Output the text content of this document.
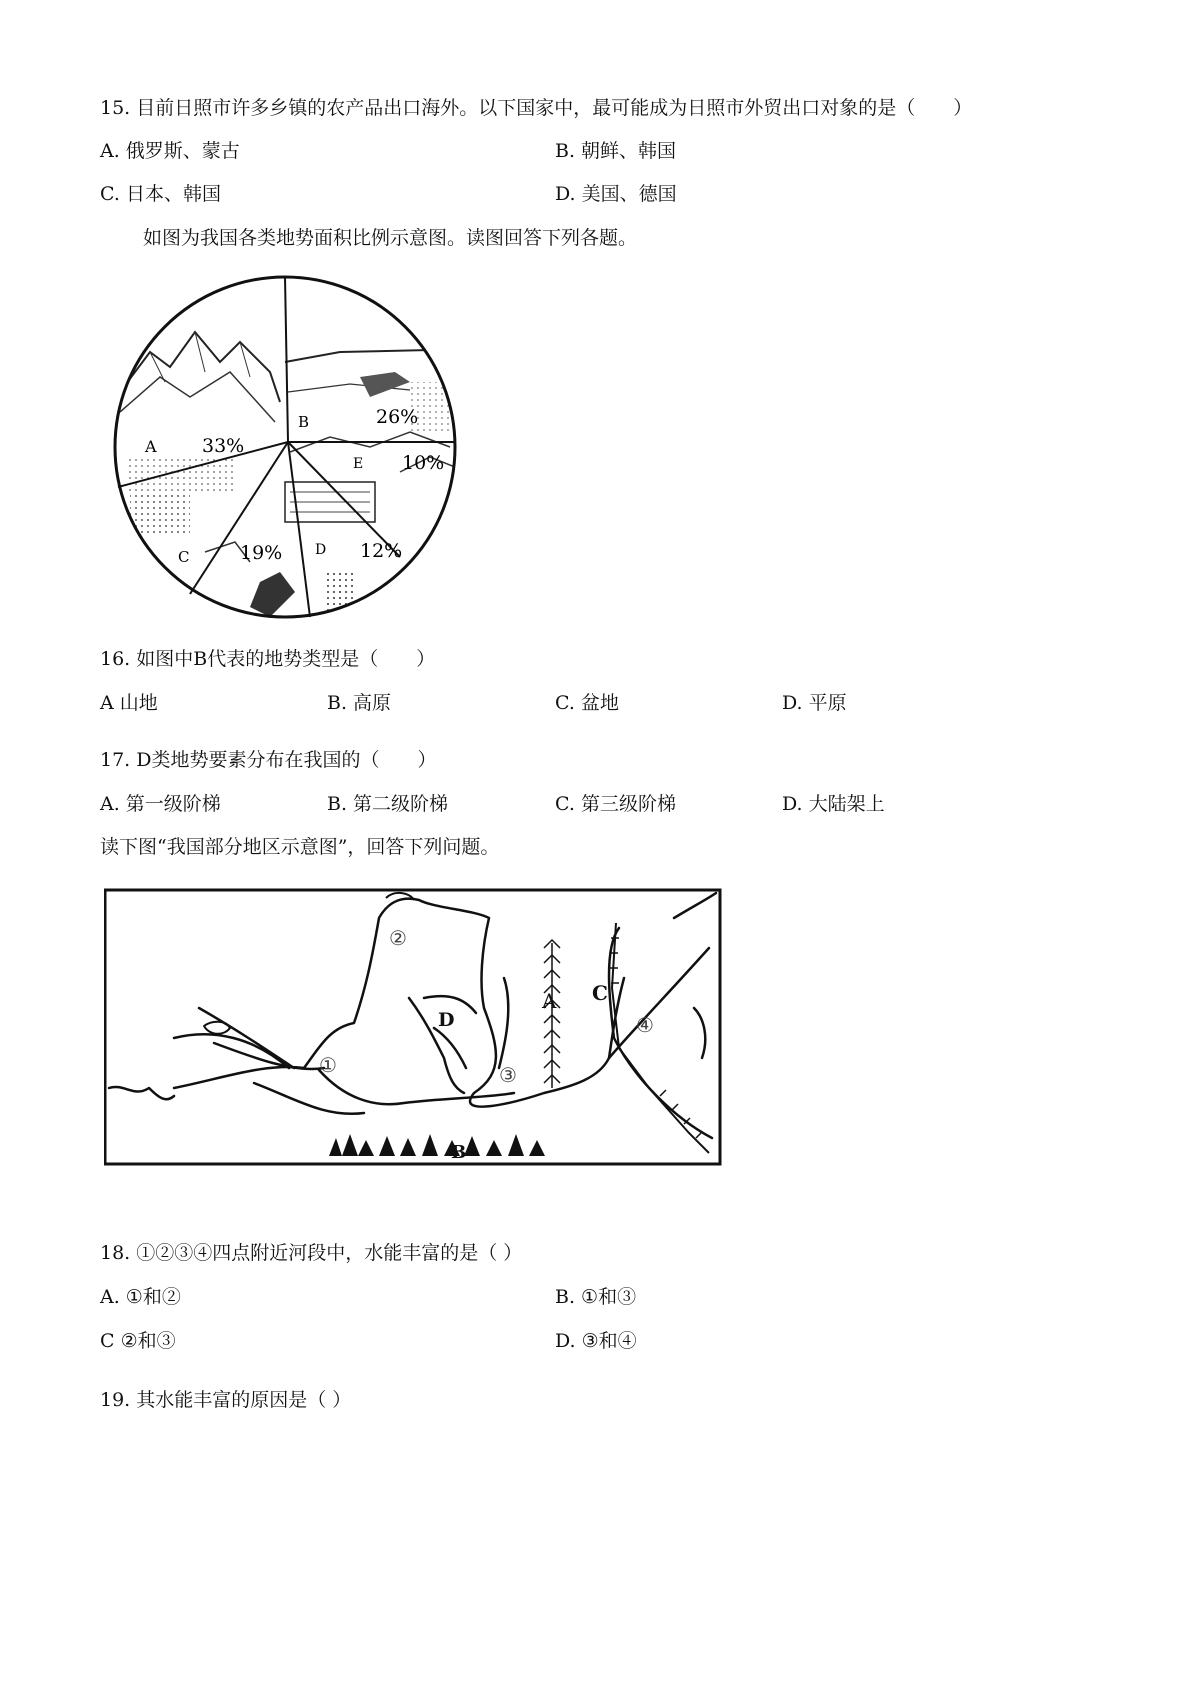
15. 目前日照市许多乡镇的农产品出口海外。以下国家中，最可能成为日照市外贸出口对象的是（　　）
A. 俄罗斯、蒙古	B. 朝鲜、韩国
C. 日本、韩国	D. 美国、德国
如图为我国各类地势面积比例示意图。读图回答下列各题。
A 33%
B	26%
E 10%
D 12%
C	19%
16. 如图中B代表的地势类型是（　　）
A 山地	B. 高原	C. 盆地	D. 平原
17. D类地势要素分布在我国的（　　）
A. 第一级阶梯	B. 第二级阶梯	C. 第三级阶梯	D. 大陆架上
读下图“我国部分地区示意图”，回答下列问题。
A
B
C
D
①
②
③
④
18. ①②③④四点附近河段中，水能丰富的是（ ）
A. ①和②	B. ①和③
C ②和③	D. ③和④
19. 其水能丰富的原因是（ ）
